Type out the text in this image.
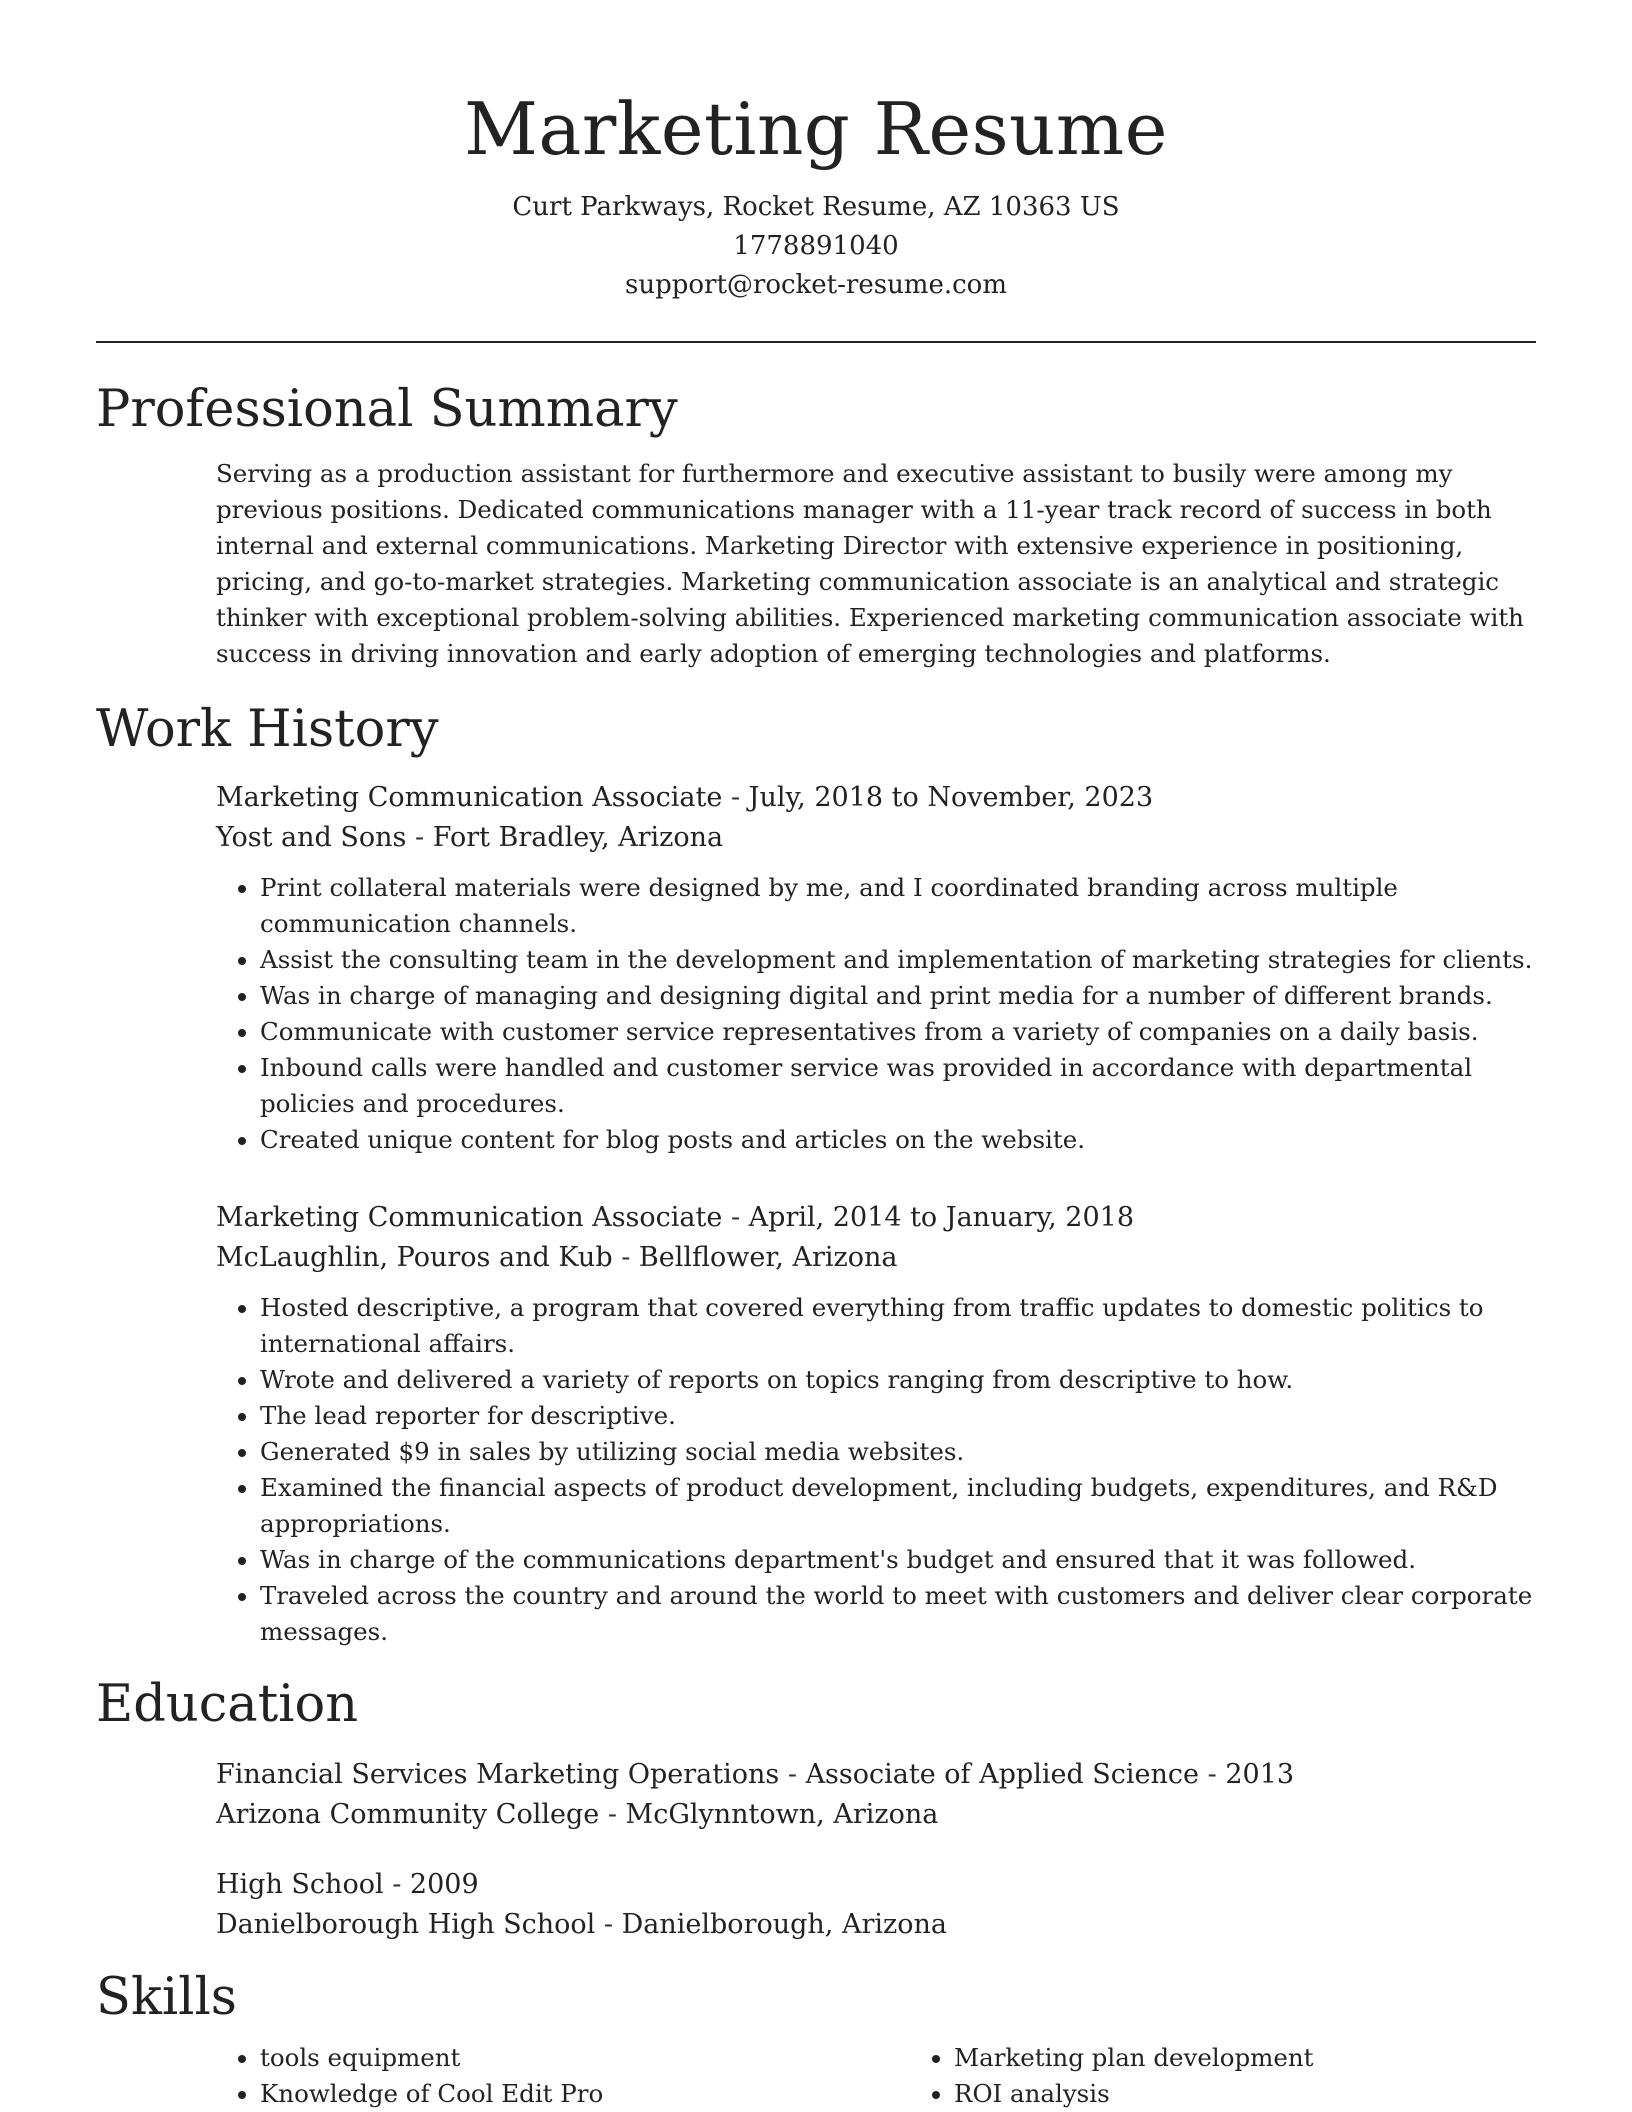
Marketing Resume
Curt Parkways, Rocket Resume, AZ 10363 US
1778891040
support@rocket-resume.com
Professional Summary

Serving as a production assistant for furthermore and executive assistant to busily were among my previous positions. Dedicated communications manager with a 11-year track record of success in both internal and external communications. Marketing Director with extensive experience in positioning, pricing, and go-to-market strategies. Marketing communication associate is an analytical and strategic thinker with exceptional problem-solving abilities. Experienced marketing communication associate with success in driving innovation and early adoption of emerging technologies and platforms.

Work History
Marketing Communication Associate - July, 2018 to November, 2023
Yost and Sons - Fort Bradley, Arizona
• Print collateral materials were designed by me, and I coordinated branding across multiple communication channels.
• Assist the consulting team in the development and implementation of marketing strategies for clients.
• Was in charge of managing and designing digital and print media for a number of different brands.
• Communicate with customer service representatives from a variety of companies on a daily basis.
• Inbound calls were handled and customer service was provided in accordance with departmental policies and procedures.
• Created unique content for blog posts and articles on the website.
Marketing Communication Associate - April, 2014 to January, 2018
McLaughlin, Pouros and Kub - Bellflower, Arizona
• Hosted descriptive, a program that covered everything from traffic updates to domestic politics to international affairs.
• Wrote and delivered a variety of reports on topics ranging from descriptive to how.
• The lead reporter for descriptive.
• Generated $9 in sales by utilizing social media websites.
• Examined the financial aspects of product development, including budgets, expenditures, and R&D appropriations.
• Was in charge of the communications department's budget and ensured that it was followed.
• Traveled across the country and around the world to meet with customers and deliver clear corporate messages.
Education
Financial Services Marketing Operations - Associate of Applied Science - 2013
Arizona Community College - McGlynntown, Arizona
High School - 2009
Danielborough High School - Danielborough, Arizona
Skills
• tools equipment
• Knowledge of Cool Edit Pro
• Marketing plan development
• ROI analysis
